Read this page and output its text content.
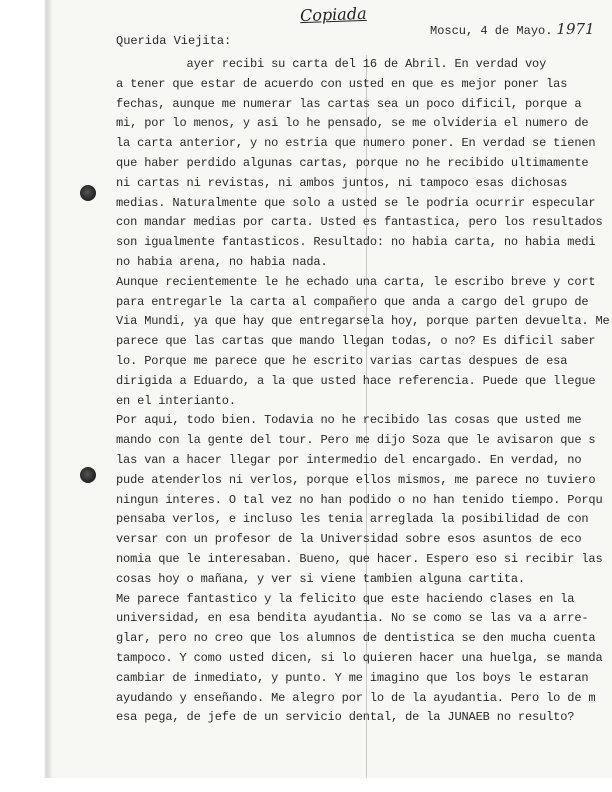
Copiada
Moscu, 4 de Mayo. 1971
Querida Viejita:
ayer recibi su carta del 16 de Abril. En verdad voy
a tener que estar de acuerdo con usted en que es mejor poner las
fechas, aunque me numerar las cartas sea un poco dificil, porque a
mi, por lo menos, y asi lo he pensado, se me olvideria el numero de
la carta anterior, y no estria que numero poner. En verdad se tienen
que haber perdido algunas cartas, porque no he recibido ultimamente
ni cartas ni revistas, ni ambos juntos, ni tampoco esas dichosas
medias. Naturalmente que solo a usted se le podria ocurrir especular
con mandar medias por carta. Usted es fantastica, pero los resultados
son igualmente fantasticos. Resultado: no habia carta, no habia medi
no habia arena, no habia nada.
Aunque recientemente le he echado una carta, le escribo breve y cort
para entregarle la carta al compañero que anda a cargo del grupo de
Via Mundi, ya que hay que entregarsela hoy, porque parten devuelta. Me
parece que las cartas que mando llegan todas, o no? Es dificil saber
lo. Porque me parece que he escrito varias cartas despues de esa
dirigida a Eduardo, a la que usted hace referencia. Puede que llegue
en el interianto.
Por aqui, todo bien. Todavia no he recibido las cosas que usted me
mando con la gente del tour. Pero me dijo Soza que le avisaron que s
las van a hacer llegar por intermedio del encargado. En verdad, no
pude atenderlos ni verlos, porque ellos mismos, me parece no tuviero
ningun interes. O tal vez no han podido o no han tenido tiempo. Porqu
pensaba verlos, e incluso les tenia arreglada la posibilidad de con
versar con un profesor de la Universidad sobre esos asuntos de eco
nomia que le interesaban. Bueno, que hacer. Espero eso si recibir las
cosas hoy o mañana, y ver si viene tambien alguna cartita.
Me parece fantastico y la felicito que este haciendo clases en la
universidad, en esa bendita ayudantia. No se como se las va a arre-
glar, pero no creo que los alumnos de dentistica se den mucha cuenta
tampoco. Y como usted dicen, si lo quieren hacer una huelga, se manda
cambiar de inmediato, y punto. Y me imagino que los boys le estaran
ayudando y enseñando. Me alegro por lo de la ayudantia. Pero lo de m
esa pega, de jefe de un servicio dental, de la JUNAEB no resulto?
